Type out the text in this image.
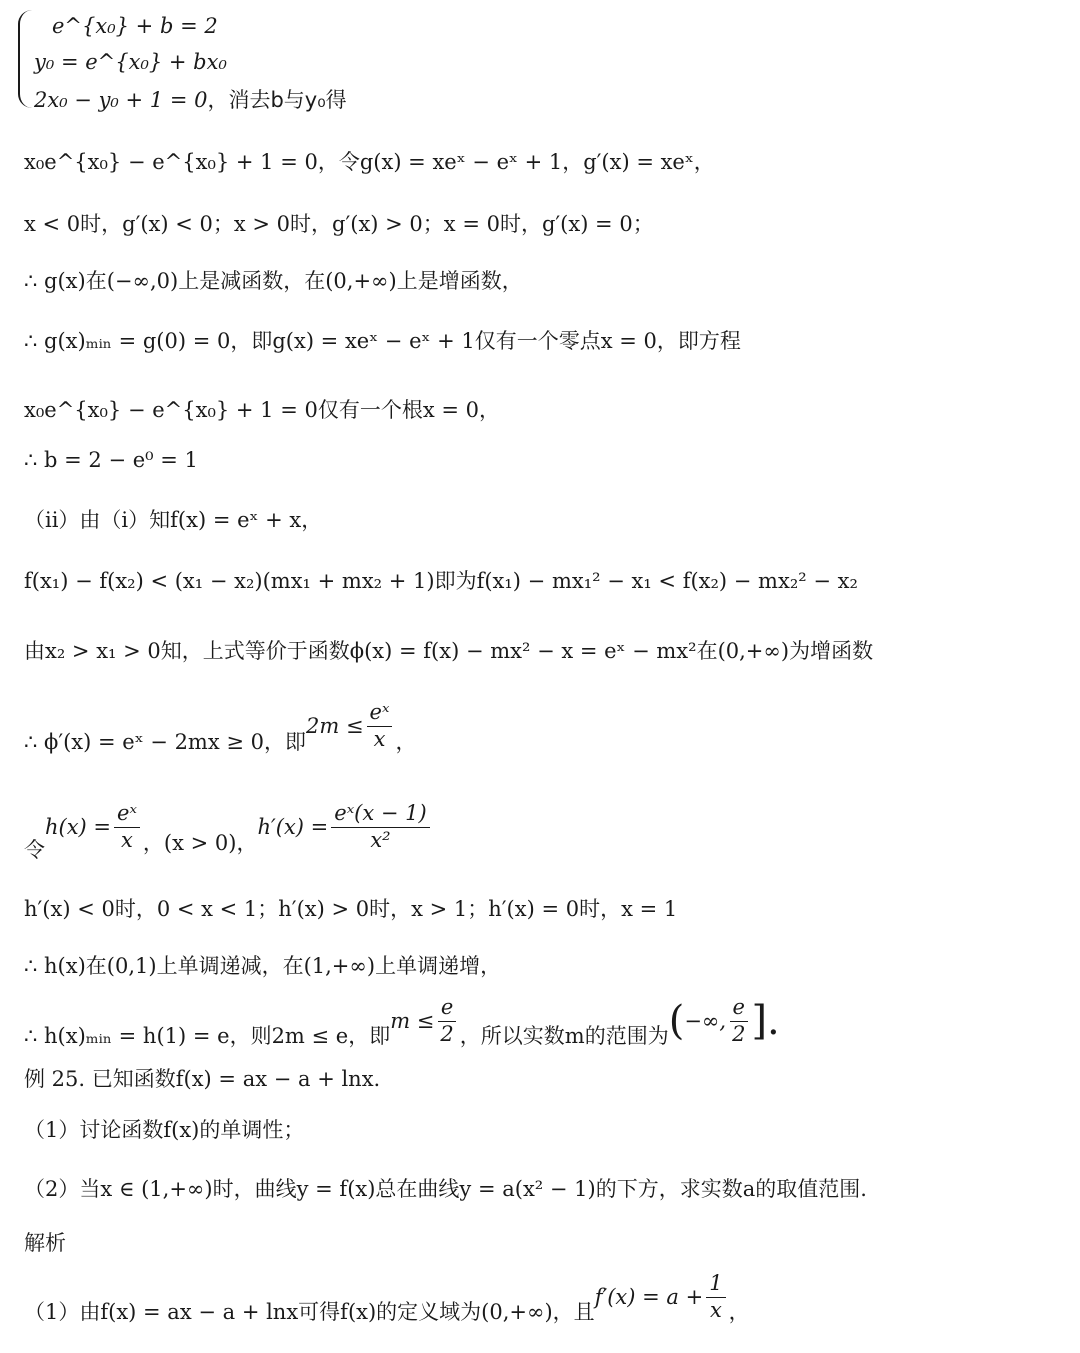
e^{x₀} + b = 2
y₀ = e^{x₀} + bx₀
2x₀ − y₀ + 1 = 0，消去b与y₀得
x₀e^{x₀} − e^{x₀} + 1 = 0，令g(x) = xeˣ − eˣ + 1，g′(x) = xeˣ，
x < 0时，g′(x) < 0；x > 0时，g′(x) > 0；x = 0时，g′(x) = 0；
∴ g(x)在(−∞,0)上是减函数，在(0,+∞)上是增函数，
∴ g(x)ₘᵢₙ = g(0) = 0，即g(x) = xeˣ − eˣ + 1仅有一个零点x = 0，即方程
x₀e^{x₀} − e^{x₀} + 1 = 0仅有一个根x = 0，
∴ b = 2 − e⁰ = 1
（ii）由（i）知f(x) = eˣ + x，
f(x₁) − f(x₂) < (x₁ − x₂)(mx₁ + mx₂ + 1)即为f(x₁) − mx₁² − x₁ < f(x₂) − mx₂² − x₂
由x₂ > x₁ > 0知，上式等价于函数ϕ(x) = f(x) − mx² − x = eˣ − mx²在(0,+∞)为增函数
∴ ϕ′(x) = eˣ − 2mx ≥ 0，即
$2m \le \frac{\text{eˣ}}{x}$ ，
令
$h(x) = \frac{\text{eˣ}}{x}$ ，(x > 0)，
$h'(x) = \frac{\text{eˣ(x − 1)}}{\text{x²}}$
h′(x) < 0时，0 < x < 1；h′(x) > 0时，x > 1；h′(x) = 0时，x = 1
∴ h(x)在(0,1)上单调递减，在(1,+∞)上单调递增，
∴ h(x)ₘᵢₙ = h(1) = e，则2m ≤ e，即
$m \le \frac{e}{2}$ ，所以实数m的范围为 ( −∞, $\frac{e}{2}$ ].
例 25. 已知函数f(x) = ax − a + lnx.
（1）讨论函数f(x)的单调性；
（2）当x ∈ (1,+∞)时，曲线y = f(x)总在曲线y = a(x² − 1)的下方，求实数a的取值范围.
解析
（1）由f(x) = ax − a + lnx可得f(x)的定义域为(0,+∞)，且
$f'(x) = a + \frac{1}{x}$ ，
